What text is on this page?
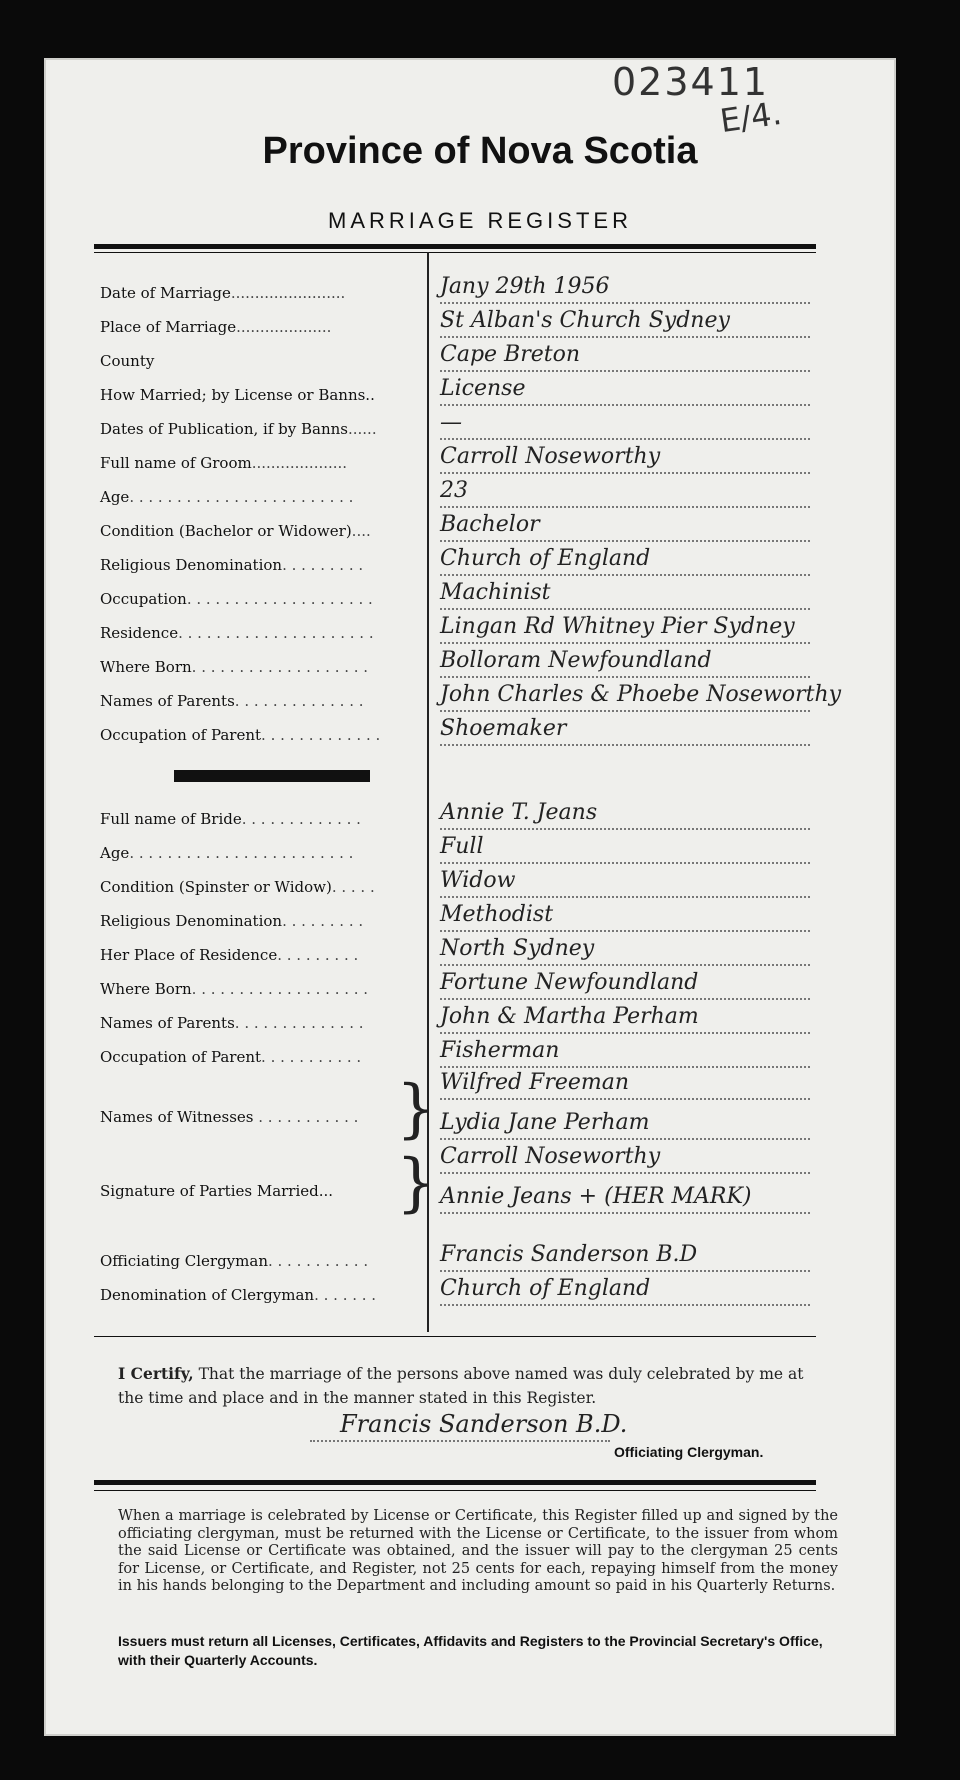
023411
E/4.
Province of Nova Scotia
MARRIAGE REGISTER
Date of Marriage........................	Jany 29th 1956
Place of Marriage....................	St Alban's Church Sydney
County	Cape Breton
How Married; by License or Banns..	License
Dates of Publication, if by Banns......	—
Full name of Groom....................	Carroll Noseworthy
Age. . . . . . . . . . . . . . . . . . . . . . . .	23
Condition (Bachelor or Widower)....	Bachelor
Religious Denomination. . . . . . . . .	Church of England
Occupation. . . . . . . . . . . . . . . . . . . .	Machinist
Residence. . . . . . . . . . . . . . . . . . . . .	Lingan Rd Whitney Pier Sydney
Where Born. . . . . . . . . . . . . . . . . . .	Bolloram Newfoundland
Names of Parents. . . . . . . . . . . . . .	John Charles & Phoebe Noseworthy
Occupation of Parent. . . . . . . . . . . . .	Shoemaker
Full name of Bride. . . . . . . . . . . . .	Annie T. Jeans
Age. . . . . . . . . . . . . . . . . . . . . . . .	Full
Condition (Spinster or Widow). . . . .	Widow
Religious Denomination. . . . . . . . .	Methodist
Her Place of Residence. . . . . . . . .	North Sydney
Where Born. . . . . . . . . . . . . . . . . . .	Fortune Newfoundland
Names of Parents. . . . . . . . . . . . . .	John & Martha Perham
Occupation of Parent. . . . . . . . . . .	Fisherman
Names of Witnesses . . . . . . . . . . . } Wilfred Freeman
Lydia Jane Perham
Signature of Parties Married... } Carroll Noseworthy
Annie Jeans + (HER MARK)
Officiating Clergyman. . . . . . . . . . .	Francis Sanderson B.D
Denomination of Clergyman. . . . . . .	Church of England
I Certify, That the marriage of the persons above named was duly celebrated by me at the time and place and in the manner stated in this Register.
Francis Sanderson B.D.
Officiating Clergyman.
When a marriage is celebrated by License or Certificate, this Register filled up and signed by the officiating clergyman, must be returned with the License or Certificate, to the issuer from whom the said License or Certificate was obtained, and the issuer will pay to the clergyman 25 cents for License, or Certificate, and Register, not 25 cents for each, repaying himself from the money in his hands belonging to the Department and including amount so paid in his Quarterly Returns.
Issuers must return all Licenses, Certificates, Affidavits and Registers to the Provincial Secretary's Office, with their Quarterly Accounts.
